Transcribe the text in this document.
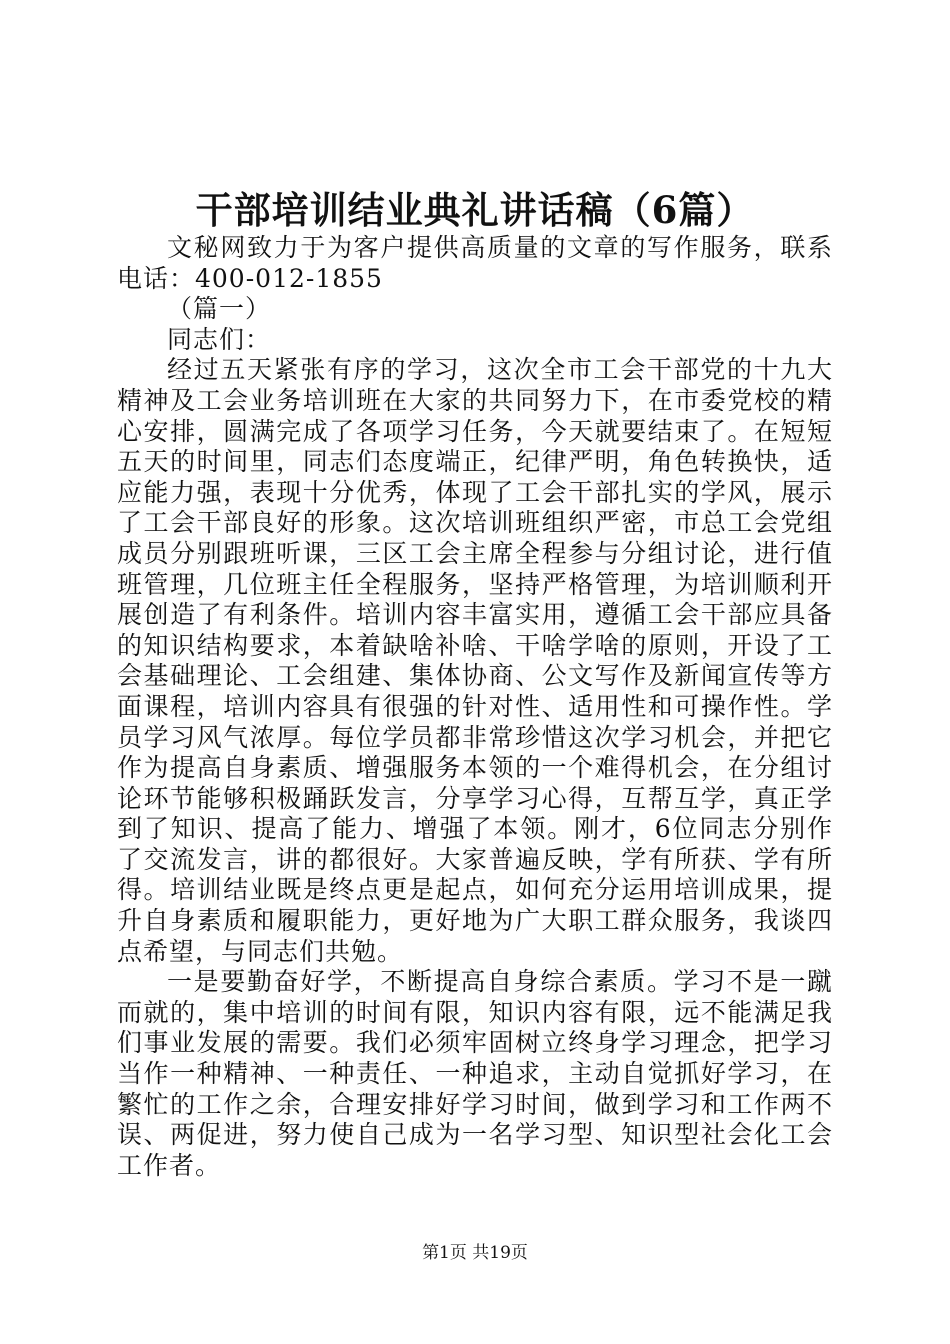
干部培训结业典礼讲话稿（6篇）

文秘网致力于为客户提供高质量的文章的写作服务，联系电话：400-012-1855

（篇一）

同志们：

经过五天紧张有序的学习，这次全市工会干部党的十九大精神及工会业务培训班在大家的共同努力下，在市委党校的精心安排，圆满完成了各项学习任务，今天就要结束了。在短短五天的时间里，同志们态度端正，纪律严明，角色转换快，适应能力强，表现十分优秀，体现了工会干部扎实的学风，展示了工会干部良好的形象。这次培训班组织严密，市总工会党组成员分别跟班听课，三区工会主席全程参与分组讨论，进行值班管理，几位班主任全程服务，坚持严格管理，为培训顺利开展创造了有利条件。培训内容丰富实用，遵循工会干部应具备的知识结构要求，本着缺啥补啥、干啥学啥的原则，开设了工会基础理论、工会组建、集体协商、公文写作及新闻宣传等方面课程，培训内容具有很强的针对性、适用性和可操作性。学员学习风气浓厚。每位学员都非常珍惜这次学习机会，并把它作为提高自身素质、增强服务本领的一个难得机会，在分组讨论环节能够积极踊跃发言，分享学习心得，互帮互学，真正学到了知识、提高了能力、增强了本领。刚才，6位同志分别作了交流发言，讲的都很好。大家普遍反映，学有所获、学有所得。培训结业既是终点更是起点，如何充分运用培训成果，提升自身素质和履职能力，更好地为广大职工群众服务，我谈四点希望，与同志们共勉。

一是要勤奋好学，不断提高自身综合素质。学习不是一蹴而就的，集中培训的时间有限，知识内容有限，远不能满足我们事业发展的需要。我们必须牢固树立终身学习理念，把学习当作一种精神、一种责任、一种追求，主动自觉抓好学习，在繁忙的工作之余，合理安排好学习时间，做到学习和工作两不误、两促进，努力使自己成为一名学习型、知识型社会化工会工作者。

第1页 共19页
